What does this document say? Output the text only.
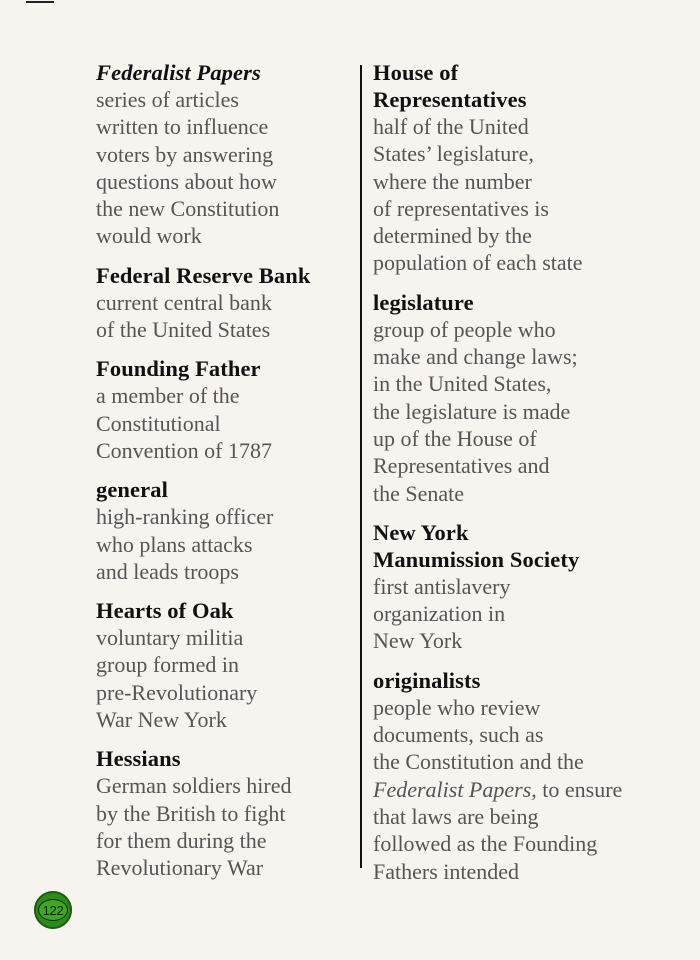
Federalist Papers
series of articles
written to influence
voters by answering
questions about how
the new Constitution
would work
Federal Reserve Bank
current central bank
of the United States
Founding Father
a member of the
Constitutional
Convention of 1787
general
high-ranking officer
who plans attacks
and leads troops
Hearts of Oak
voluntary militia
group formed in
pre-Revolutionary
War New York
Hessians
German soldiers hired
by the British to fight
for them during the
Revolutionary War
House of
Representatives
half of the United
States’ legislature,
where the number
of representatives is
determined by the
population of each state
legislature
group of people who
make and change laws;
in the United States,
the legislature is made
up of the House of
Representatives and
the Senate
New York
Manumission Society
first antislavery
organization in
New York
originalists
people who review
documents, such as
the Constitution and the
Federalist Papers, to ensure
that laws are being
followed as the Founding
Fathers intended
122
